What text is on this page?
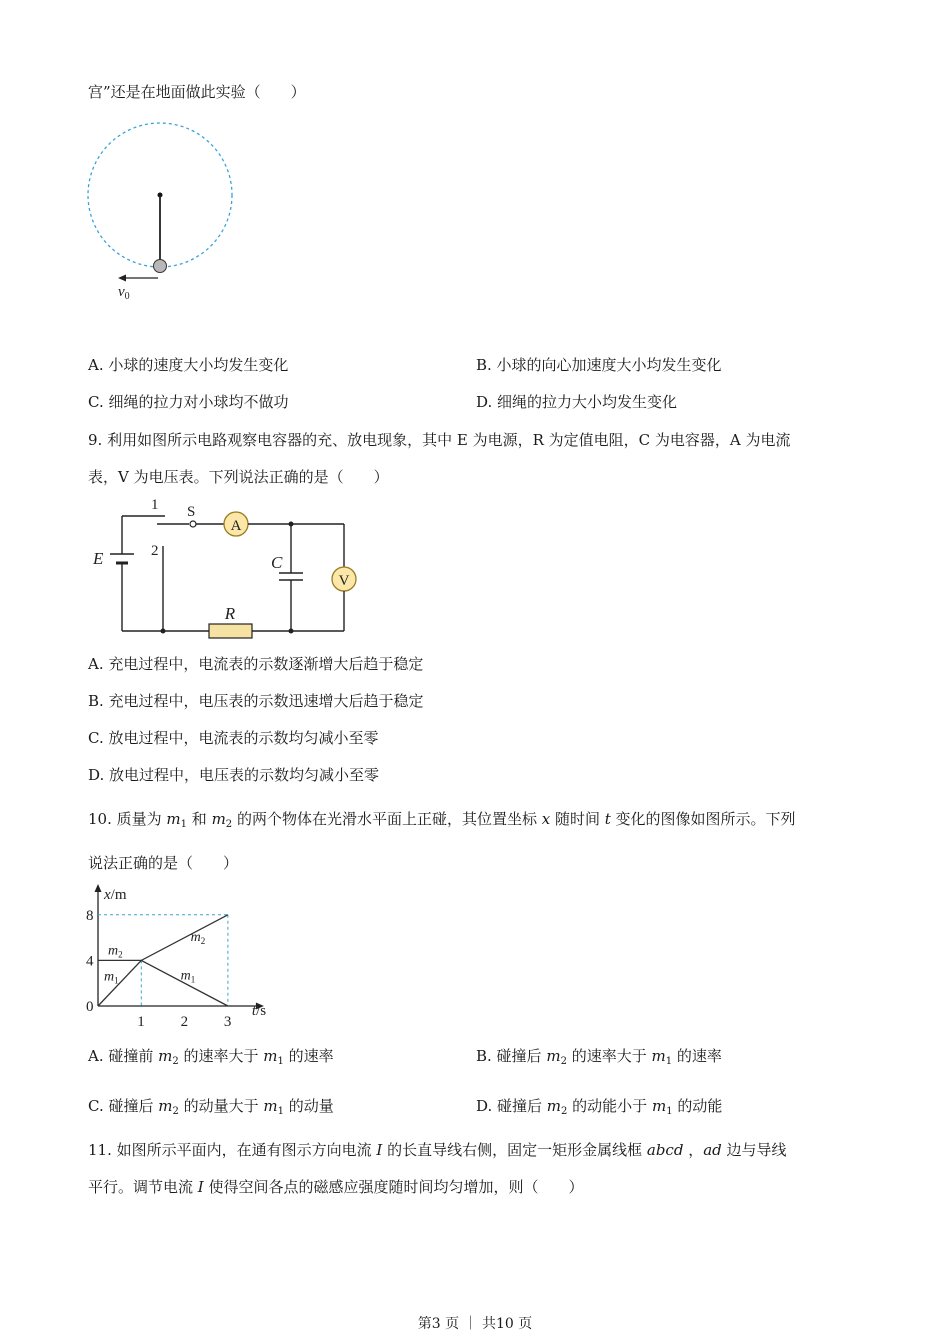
宫”还是在地面做此实验（　　）
$v_0$
A. 小球的速度大小均发生变化	B. 小球的向心加速度大小均发生变化
C. 细绳的拉力对小球均不做功	D. 细绳的拉力大小均发生变化
9. 利用如图所示电路观察电容器的充、放电现象，其中 E 为电源，R 为定值电阻，C 为电容器，A 为电流
表，V 为电压表。下列说法正确的是（　　）
E
1 S
A
2
C
V
R
A. 充电过程中，电流表的示数逐渐增大后趋于稳定
B. 充电过程中，电压表的示数迅速增大后趋于稳定
C. 放电过程中，电流表的示数均匀减小至零
D. 放电过程中，电压表的示数均匀减小至零
10. 质量为 $m_1$ 和 $m_2$ 的两个物体在光滑水平面上正碰，其位置坐标 x 随时间 t 变化的图像如图所示。下列
说法正确的是（　　）
x/m
t/s
0
1 2 3
4
8
$m_2$
$m_1$
$m_2$
$m_1$
A. 碰撞前 $m_2$ 的速率大于 $m_1$ 的速率	B. 碰撞后 $m_2$ 的速率大于 $m_1$ 的速率
C. 碰撞后 $m_2$ 的动量大于 $m_1$ 的动量	D. 碰撞后 $m_2$ 的动能小于 $m_1$ 的动能
11. 如图所示平面内，在通有图示方向电流 I 的长直导线右侧，固定一矩形金属线框 abcd ，ad 边与导线
平行。调节电流 I 使得空间各点的磁感应强度随时间均匀增加，则（　　）
第3 页 ｜ 共10 页
